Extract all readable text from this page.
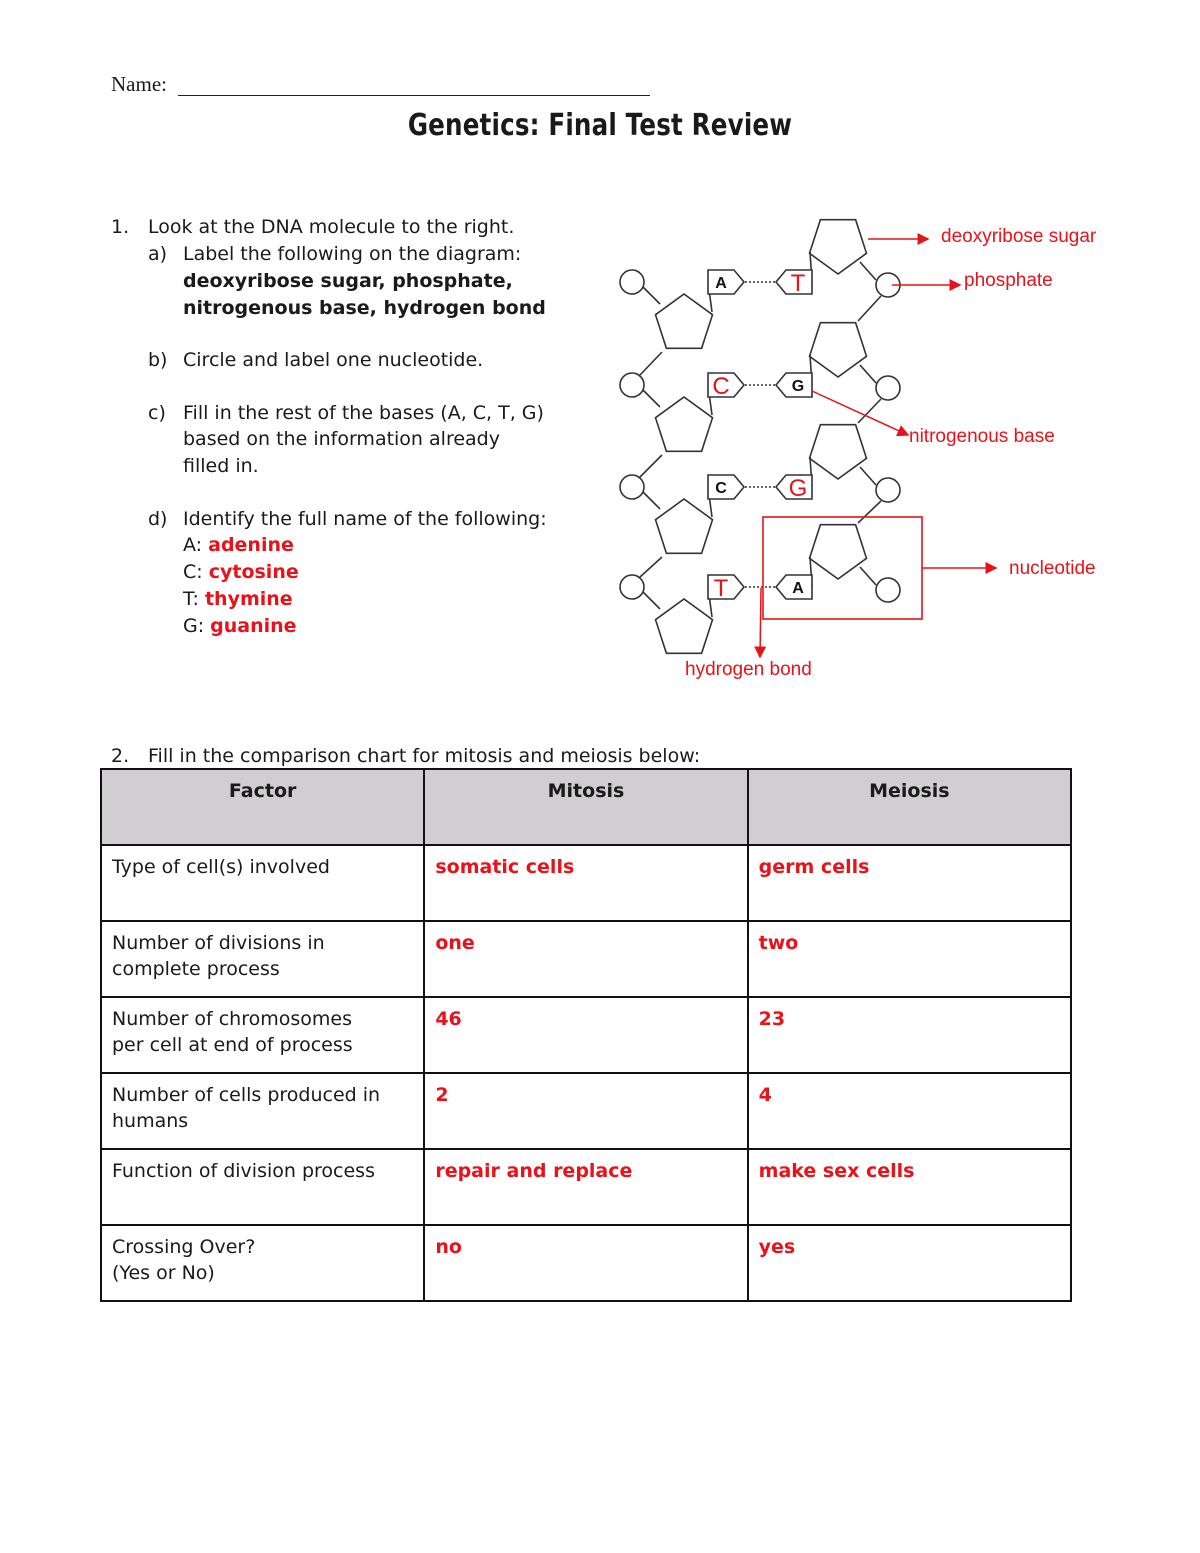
Name:
Genetics: Final Test Review
1. Look at the DNA molecule to the right.
a) Label the following on the diagram:
deoxyribose sugar, phosphate,
nitrogenous base, hydrogen bond
b) Circle and label one nucleotide.
c) Fill in the rest of the bases (A, C, T, G)
based on the information already
filled in.
d) Identify the full name of the following:
A: adenine
C: cytosine
T: thymine
G: guanine
deoxyribose sugar
phosphate
nitrogenous base
nucleotide
hydrogen bond
A	T
C	G
C	G
T	A
2. Fill in the comparison chart for mitosis and meiosis below:
Factor	Mitosis	Meiosis

Type of cell(s) involved	somatic cells	germ cells

Number of divisions in
complete process	one	two

Number of chromosomes
per cell at end of process	46	23

Number of cells produced in
humans	2	4

Function of division process	repair and replace	make sex cells

Crossing Over?
(Yes or No)	no	yes
